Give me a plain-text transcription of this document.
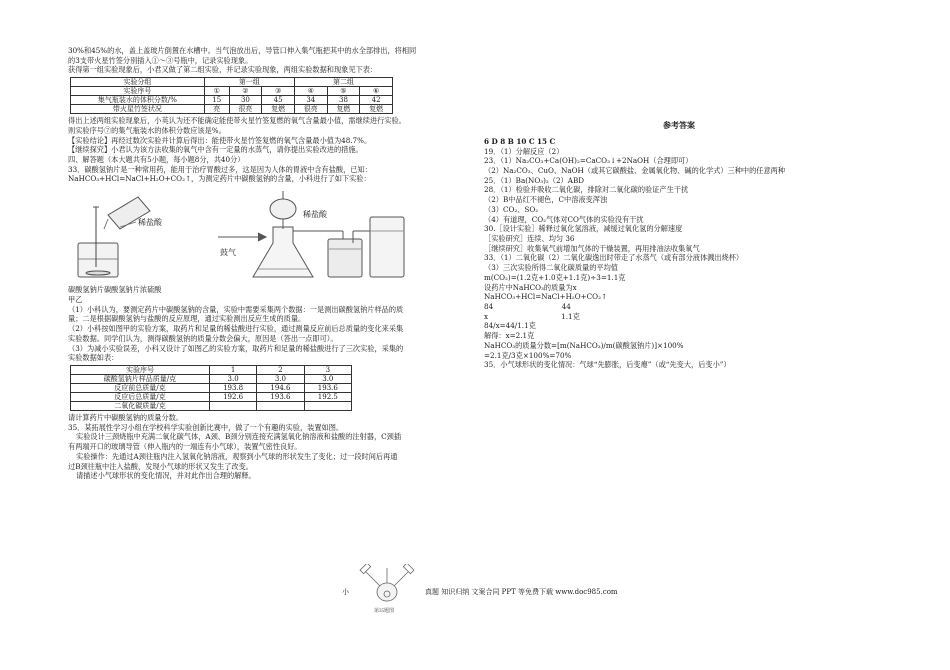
30%和45%的水，盖上盖玻片倒置在水槽中。当气泡放出后，导管口伸入集气瓶把其中的水全部排出，将相同

的3支带火星竹签分别插入①～③号瓶中，记录实验现象。

获得第一组实验现象后，小君又做了第二组实验，并记录实验现象，两组实验数据和现象见下表：

实验分组	第一组			第二组		
实验序号	①	②	③	④	⑤	⑥
集气瓶装水的体积分数/%	15	30	45	34	38	42
带火星竹签状况	亮	很亮	复燃	很亮	复燃	复燃

得出上述两组实验现象后，小英认为还不能确定能使带火星竹签复燃的氧气含量最小值，需继续进行实验。

则实验序号⑦的集气瓶装水的体积分数应该是%。

【实验结论】再经过数次实验并计算后得出：能使带火星竹签复燃的氧气含量最小值为48.7%。

【继续探究】小君认为该方法收集的氧气中含有一定量的水蒸气，请你提出实验改进的措施。

四、解答题（本大题共有5小题，每小题8分，共40分）

33．碳酸氢钠片是一种常用药，能用于治疗胃酸过多，这是因为人体的胃液中含有盐酸，已知：

NaHCO₃+HCl=NaCl+H₂O+CO₂↑，为测定药片中碳酸氢钠的含量，小科进行了如下实验：

稀盐酸
鼓气
稀盐酸

碳酸氢钠片碳酸氢钠片浓硫酸

甲乙

（1）小科认为，要测定药片中碳酸氢钠的含量，实验中需要采集两个数据：一是测出碳酸氢钠片样品的质

量；二是根据碳酸氢钠与盐酸的反应原理，通过实验测出反应生成的质量。

（2）小科按如图甲的实验方案，取药片和足量的稀盐酸进行实验，通过测量反应前后总质量的变化来采集

实验数据。同学们认为，测得碳酸氢钠的质量分数会偏大，原因是（答出一点即可）。

（3）为减小实验误差，小科又设计了如图乙的实验方案，取药片和足量的稀盐酸进行了三次实验，采集的

实验数据如表：

实验序号	1	2	3
碳酸氢钠片样品质量/克	3.0	3.0	3.0
反应前总质量/克	193.8	194.6	193.6
反应后总质量/克	192.6	193.6	192.5
二氧化碳质量/克			

请计算药片中碳酸氢钠的质量分数。

35．某拓展性学习小组在学校科学实验创新比赛中，做了一个有趣的实验，装置如图。

实验设计三颈烧瓶中充满二氧化碳气体，A颈、B颈分别连接充满氢氧化钠溶液和盐酸的注射器，C颈插

有两端开口的玻璃导管（伸入瓶内的一端连有小气球），装置气密性良好。

实验操作：先通过A颈往瓶内注入氢氧化钠溶液，观察到小气球的形状发生了变化；过一段时间后再通

过B颈往瓶中注入盐酸，发现小气球的形状又发生了改变。

请描述小气球形状的变化情况，并对此作出合理的解释。

参考答案

6 D 8 B 10 C 15 C

19．（1）分解反应（2）

23．（1）Na₂CO₃+Ca(OH)₂=CaCO₃↓+2NaOH（合理即可）

（2）Na₂CO₃、CuO、NaOH（或其它碳酸盐、金属氧化物、碱的化学式）三种中的任意两种

25．（1）Ba(NO₃)₂（2）ABD

28．（1）检验并吸收二氧化碳，排除对二氧化碳的验证产生干扰

（2）B中品红不褪色，C中溶液变浑浊

（3）CO₂、SO₂

（4）有道理，CO₂气体对CO气体的实验没有干扰

30.［设计实验］稀释过氧化氢溶液，减缓过氧化氢的分解速度

［实验研究］连续、均匀 36

［继续研究］收集氧气前增加气体的干燥装置，再用排油法收集氧气

33．（1）二氧化碳（2）二氧化碳逸出时带走了水蒸气（或有部分液体溅出烧杯）

（3）三次实验所得二氧化碳质量的平均值

m(CO₂)=(1.2克+1.0克+1.1克)÷3=1.1克

设药片中NaHCO₃的质量为x

NaHCO₃+HCl=NaCl+H₂O+CO₂↑

84                              44

x                                1.1克

84/x=44/1.1克

解得：x=2.1克

NaHCO₃的质量分数=[m(NaHCO₃)/m(碳酸氢钠片)]×100%

=2.1克/3克×100%=70%

35．小气球形状的变化情况：气球“先膨胀，后变瘪”（或“先变大，后变小”）

小
第35题图
真题 知识归纳 文案合同 PPT 等免费下载 www.doc985.com
